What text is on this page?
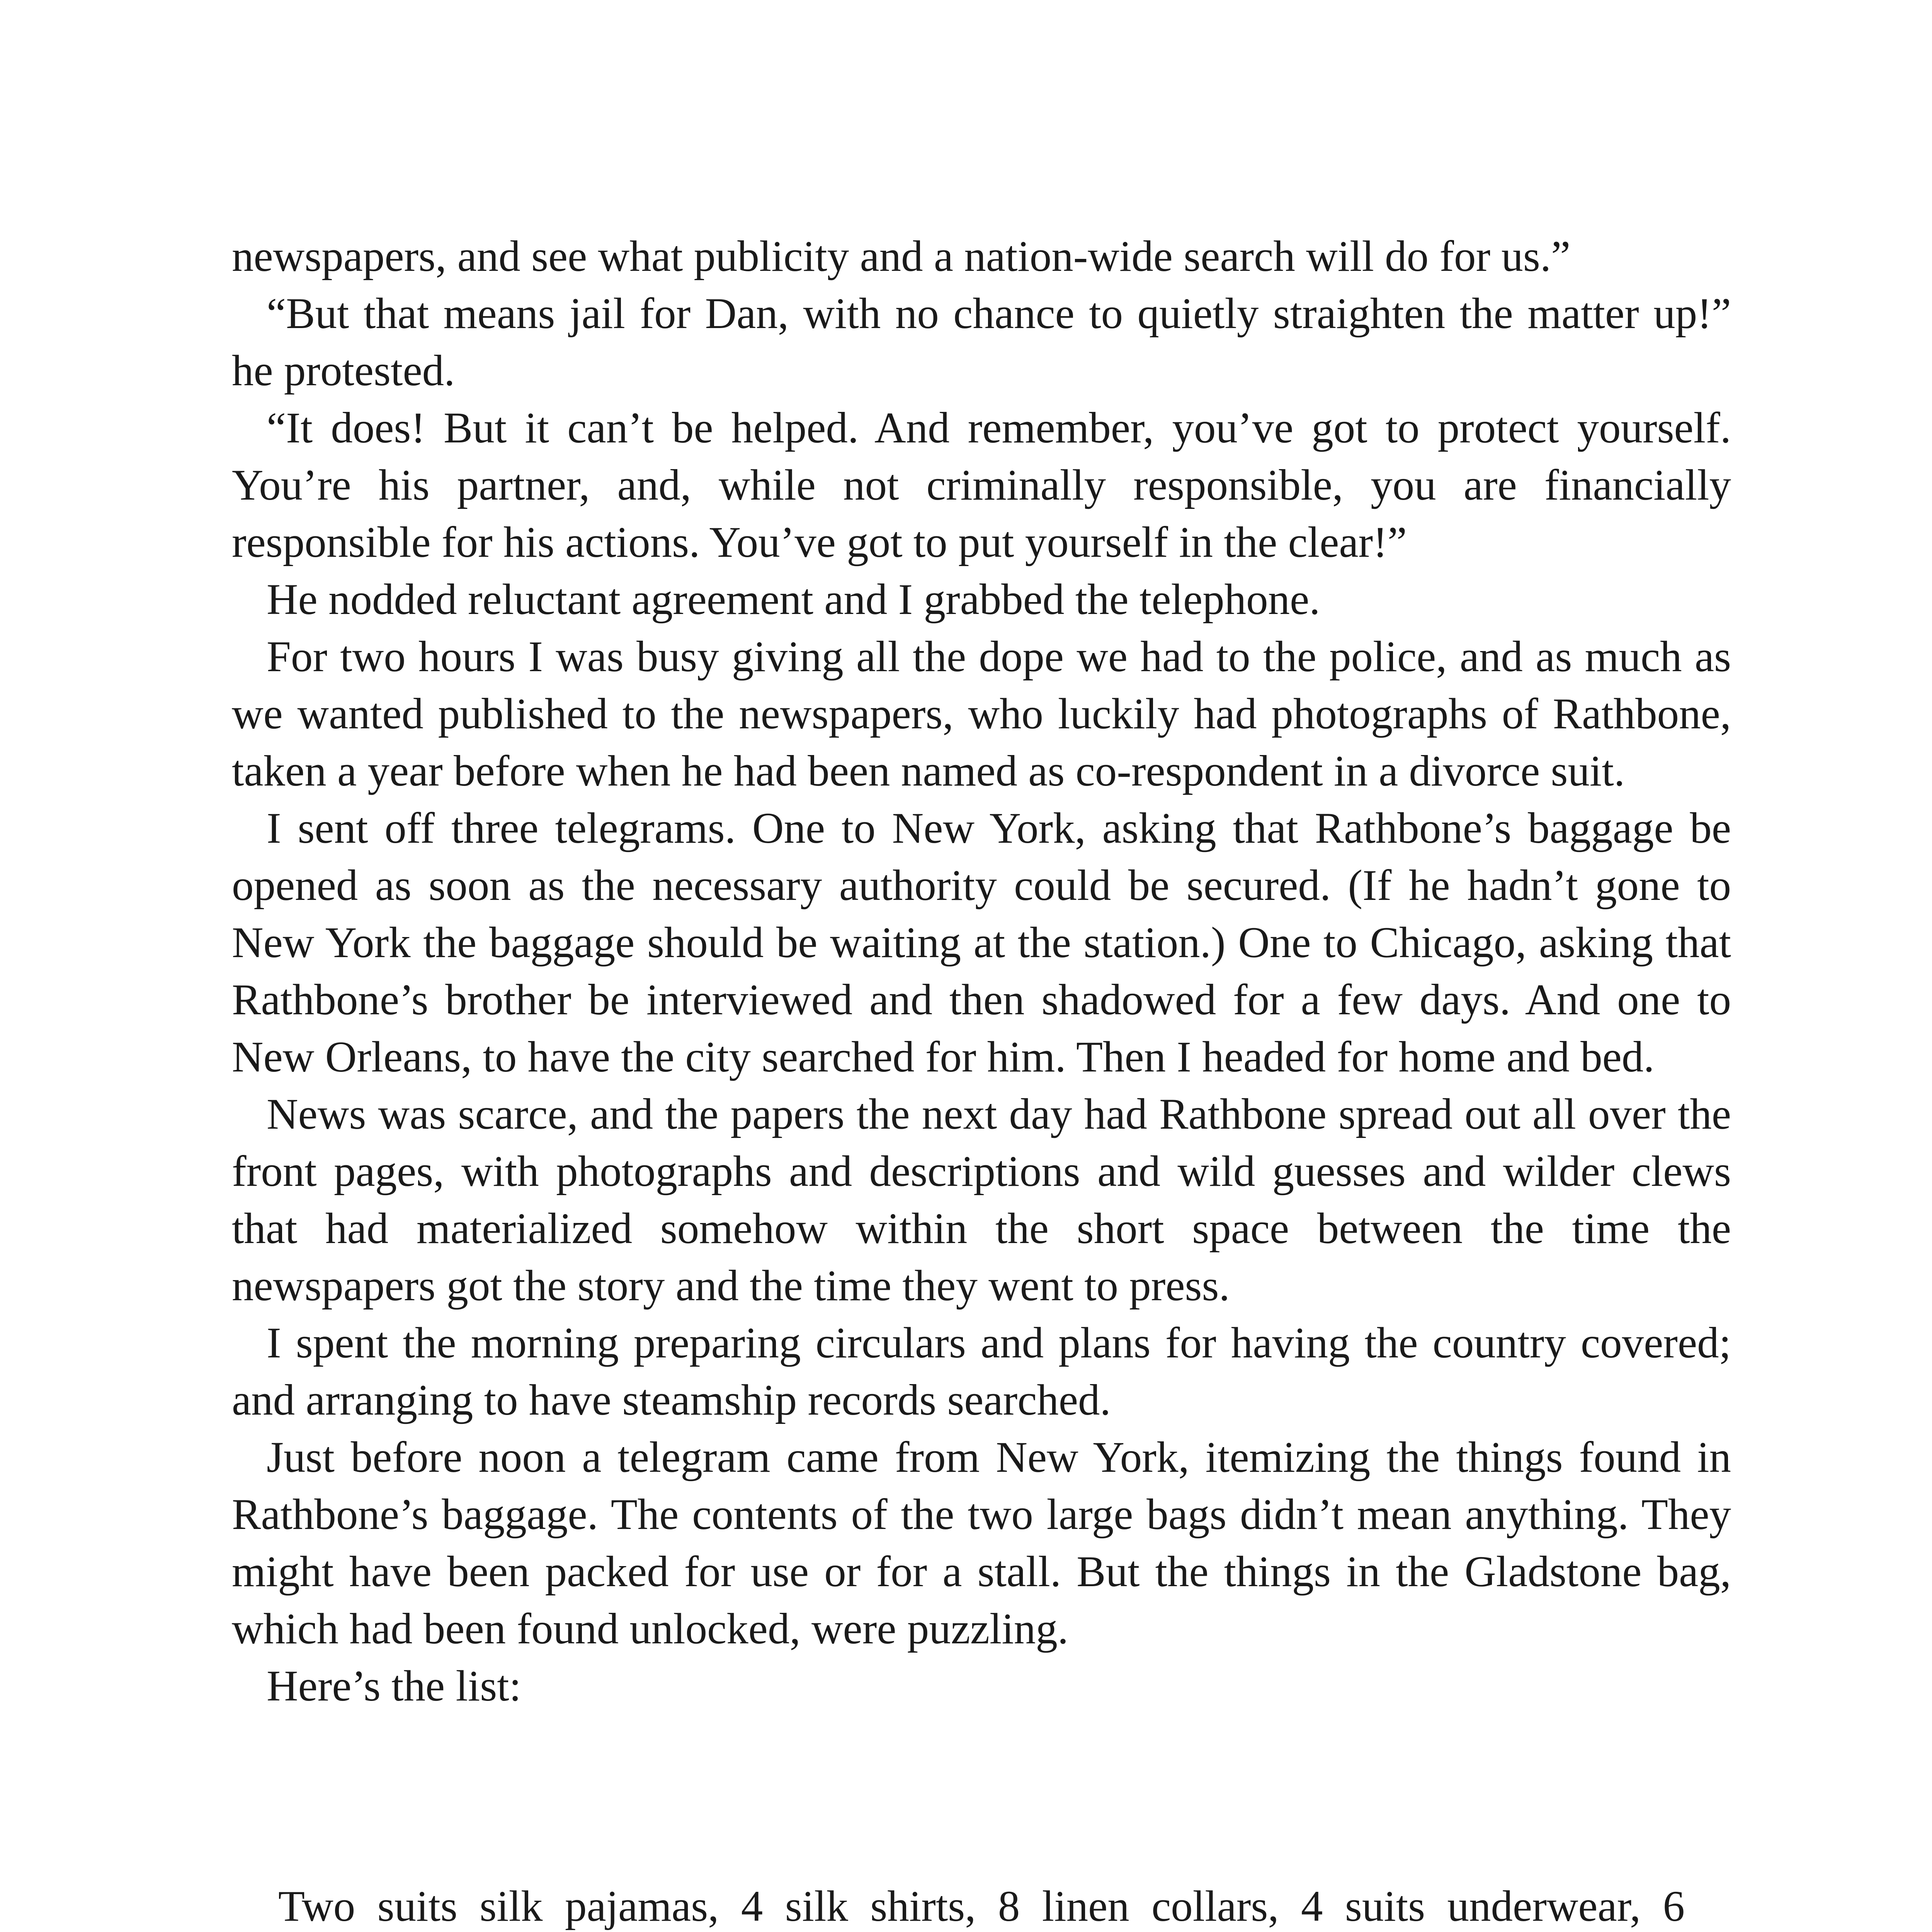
newspapers, and see what publicity and a nation-wide search will do for us.”

“But that means jail for Dan, with no chance to quietly straighten the matter up!” he protested.

“It does! But it can’t be helped. And remember, you’ve got to protect yourself. You’re his partner, and, while not criminally responsible, you are financially responsible for his actions. You’ve got to put yourself in the clear!”

He nodded reluctant agreement and I grabbed the telephone.

For two hours I was busy giving all the dope we had to the police, and as much as we wanted published to the newspapers, who luckily had photographs of Rathbone, taken a year before when he had been named as co-respondent in a divorce suit.

I sent off three telegrams. One to New York, asking that Rathbone’s baggage be opened as soon as the necessary authority could be secured. (If he hadn’t gone to New York the baggage should be waiting at the station.) One to Chicago, asking that Rathbone’s brother be interviewed and then shadowed for a few days. And one to New Orleans, to have the city searched for him. Then I headed for home and bed.

News was scarce, and the papers the next day had Rathbone spread out all over the front pages, with photographs and descriptions and wild guesses and wilder clews that had materialized somehow within the short space between the time the newspapers got the story and the time they went to press.

I spent the morning preparing circulars and plans for having the country covered; and arranging to have steamship records searched.

Just before noon a telegram came from New York, itemizing the things found in Rathbone’s baggage. The contents of the two large bags didn’t mean anything. They might have been packed for use or for a stall. But the things in the Gladstone bag, which had been found unlocked, were puzzling.

Here’s the list:

Two suits silk pajamas, 4 silk shirts, 8 linen collars, 4 suits underwear, 6
